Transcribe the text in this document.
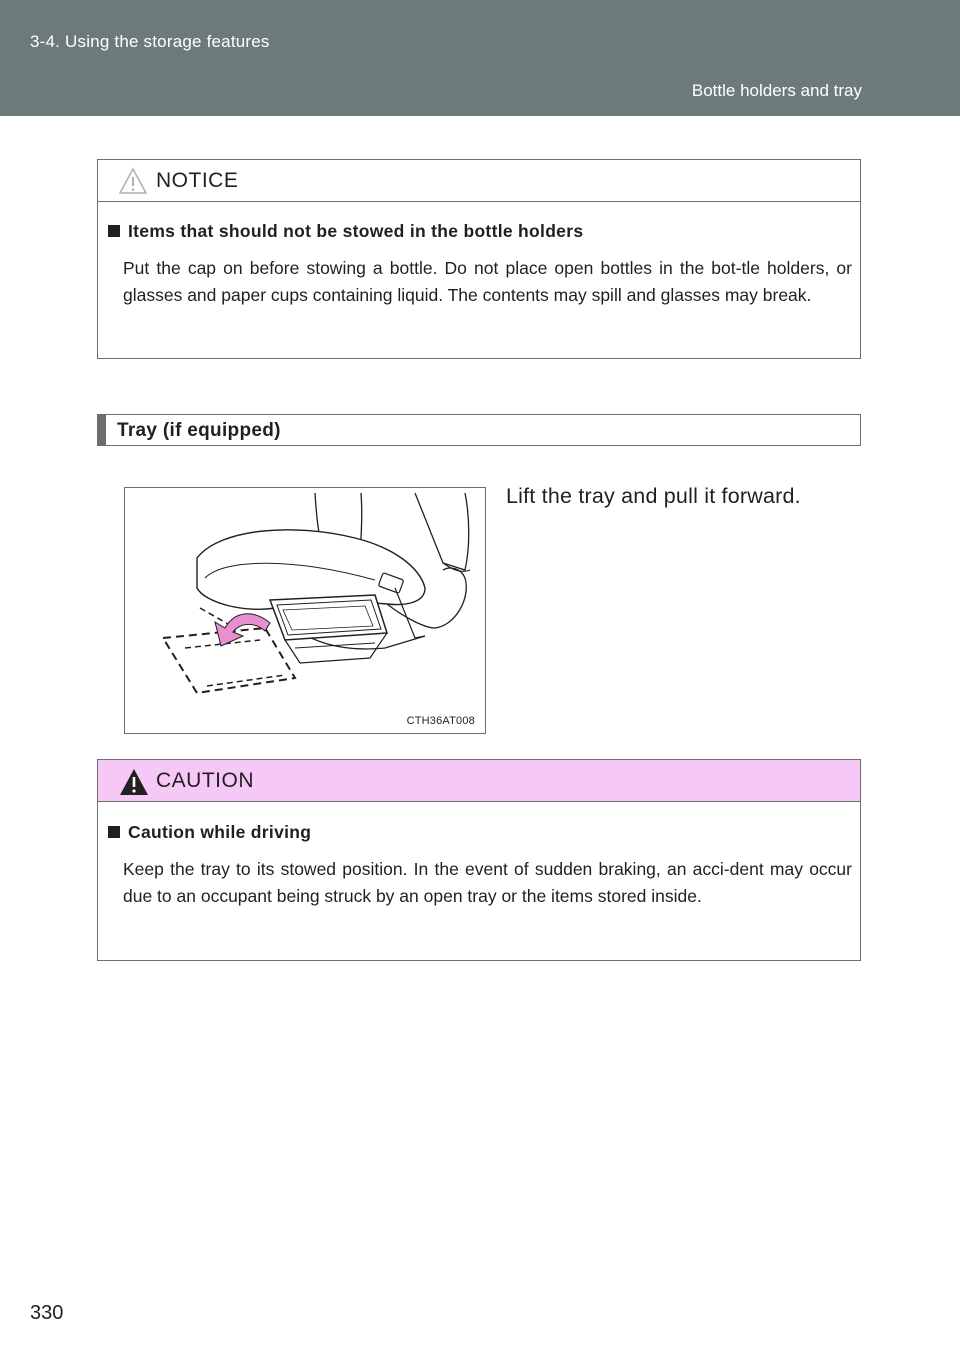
3-4. Using the storage features
Bottle holders and tray
NOTICE
Items that should not be stowed in the bottle holders
Put the cap on before stowing a bottle. Do not place open bottles in the bot-tle holders, or glasses and paper cups containing liquid. The contents may spill and glasses may break.
Tray (if equipped)
CTH36AT008
Lift the tray and pull it forward.
CAUTION
Caution while driving
Keep the tray to its stowed position. In the event of sudden braking, an acci-dent may occur due to an occupant being struck by an open tray or the items stored inside.
330
